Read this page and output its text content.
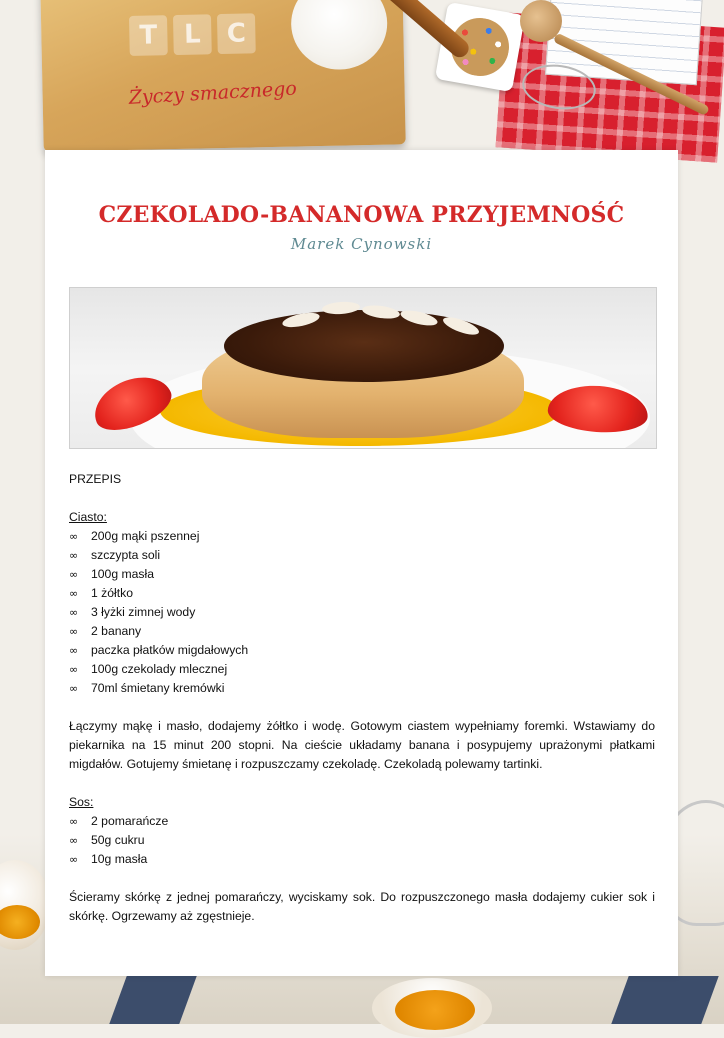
T	L C
Życzy smacznego
CZEKOLADO-BANANOWA PRZYJEMNOŚĆ
Marek Cynowski

PRZEPIS

Ciasto:

∞	200g mąki pszennej
∞	szczypta soli
∞	100g masła
∞	1 żółtko
∞	3 łyżki zimnej wody
∞	2 banany
∞	paczka płatków migdałowych
∞	100g czekolady mlecznej
∞	70ml śmietany kremówki

Łączymy mąkę i masło, dodajemy żółtko i wodę. Gotowym ciastem wypełniamy foremki. Wstawiamy do piekarnika na 15 minut 200 stopni. Na cieście układamy banana i posypujemy uprażonymi płatkami migdałów. Gotujemy śmietanę i rozpuszczamy czekoladę. Czekoladą polewamy tartinki.

Sos:

∞	2 pomarańcze
∞	50g cukru
∞	10g masła

Ścieramy skórkę z jednej pomarańczy, wyciskamy sok. Do rozpuszczonego masła dodajemy cukier sok i skórkę. Ogrzewamy aż zgęstnieje.
